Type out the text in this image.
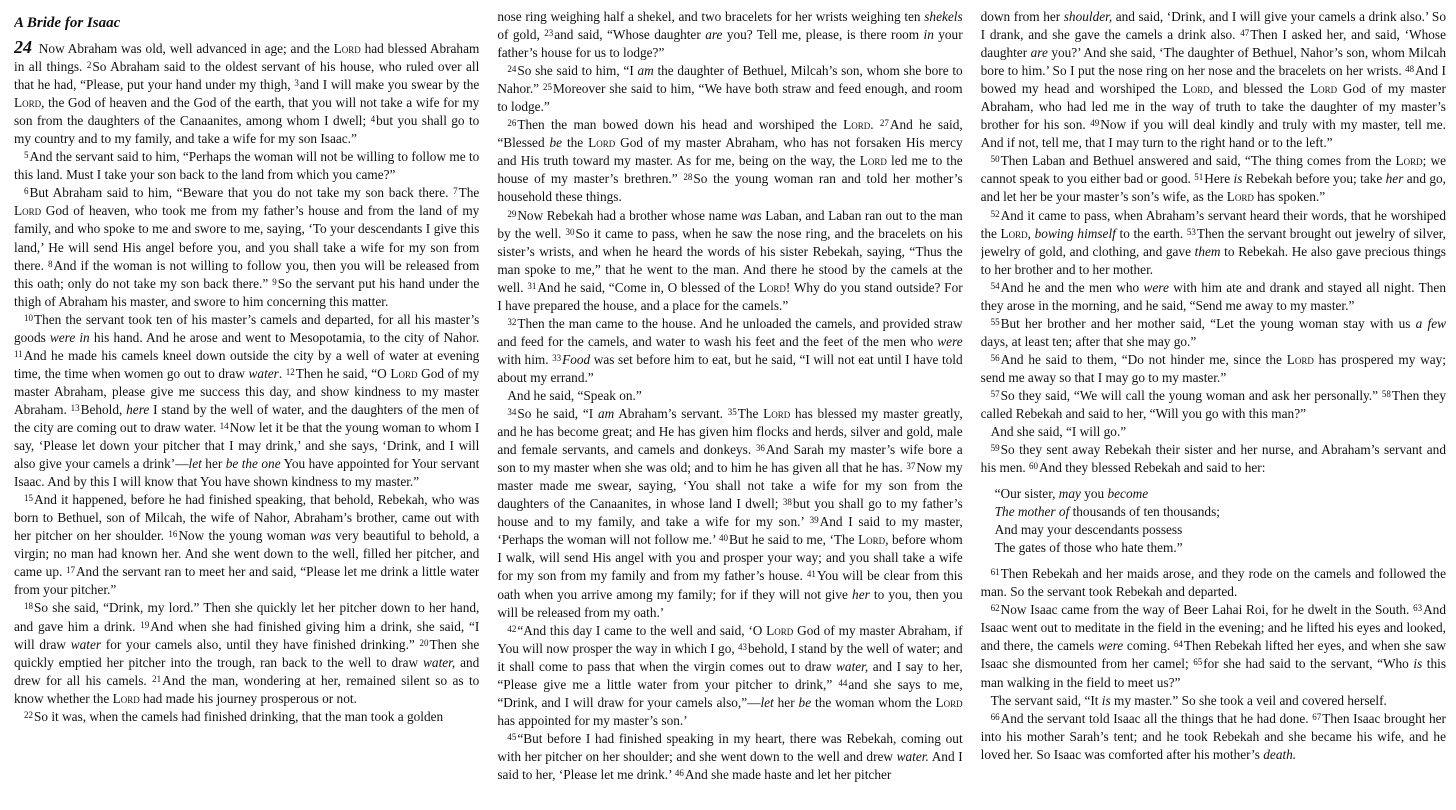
A Bride for Isaac

24 Now Abraham was old, well advanced in age; and the Lord had blessed Abraham in all things. $^2$So Abraham said to the oldest servant of his house, who ruled over all that he had, “Please, put your hand under my thigh, $^3$and I will make you swear by the Lord, the God of heaven and the God of the earth, that you will not take a wife for my son from the daughters of the Canaanites, among whom I dwell; $^4$but you shall go to my country and to my family, and take a wife for my son Isaac.”

$^5$And the servant said to him, “Perhaps the woman will not be willing to follow me to this land. Must I take your son back to the land from which you came?”

$^6$But Abraham said to him, “Beware that you do not take my son back there. $^7$The Lord God of heaven, who took me from my father’s house and from the land of my family, and who spoke to me and swore to me, saying, ‘To your descendants I give this land,’ He will send His angel before you, and you shall take a wife for my son from there. $^8$And if the woman is not willing to follow you, then you will be released from this oath; only do not take my son back there.” $^9$So the servant put his hand under the thigh of Abraham his master, and swore to him concerning this matter.

$^{10}$Then the servant took ten of his master’s camels and departed, for all his master’s goods were in his hand. And he arose and went to Mesopotamia, to the city of Nahor. $^{11}$And he made his camels kneel down outside the city by a well of water at evening time, the time when women go out to draw water. $^{12}$Then he said, “O Lord God of my master Abraham, please give me success this day, and show kindness to my master Abraham. $^{13}$Behold, here I stand by the well of water, and the daughters of the men of the city are coming out to draw water. $^{14}$Now let it be that the young woman to whom I say, ‘Please let down your pitcher that I may drink,’ and she says, ‘Drink, and I will also give your camels a drink’—let her be the one You have appointed for Your servant Isaac. And by this I will know that You have shown kindness to my master.”

$^{15}$And it happened, before he had finished speaking, that behold, Rebekah, who was born to Bethuel, son of Milcah, the wife of Nahor, Abraham’s brother, came out with her pitcher on her shoulder. $^{16}$Now the young woman was very beautiful to behold, a virgin; no man had known her. And she went down to the well, filled her pitcher, and came up. $^{17}$And the servant ran to meet her and said, “Please let me drink a little water from your pitcher.”

$^{18}$So she said, “Drink, my lord.” Then she quickly let her pitcher down to her hand, and gave him a drink. $^{19}$And when she had finished giving him a drink, she said, “I will draw water for your camels also, until they have finished drinking.” $^{20}$Then she quickly emptied her pitcher into the trough, ran back to the well to draw water, and drew for all his camels. $^{21}$And the man, wondering at her, remained silent so as to know whether the Lord had made his journey prosperous or not.

$^{22}$So it was, when the camels had finished drinking, that the man took a golden

nose ring weighing half a shekel, and two bracelets for her wrists weighing ten shekels of gold, $^{23}$and said, “Whose daughter are you? Tell me, please, is there room in your father’s house for us to lodge?”

$^{24}$So she said to him, “I am the daughter of Bethuel, Milcah’s son, whom she bore to Nahor.” $^{25}$Moreover she said to him, “We have both straw and feed enough, and room to lodge.”

$^{26}$Then the man bowed down his head and worshiped the Lord. $^{27}$And he said, “Blessed be the Lord God of my master Abraham, who has not forsaken His mercy and His truth toward my master. As for me, being on the way, the Lord led me to the house of my master’s brethren.” $^{28}$So the young woman ran and told her mother’s household these things.

$^{29}$Now Rebekah had a brother whose name was Laban, and Laban ran out to the man by the well. $^{30}$So it came to pass, when he saw the nose ring, and the bracelets on his sister’s wrists, and when he heard the words of his sister Rebekah, saying, “Thus the man spoke to me,” that he went to the man. And there he stood by the camels at the well. $^{31}$And he said, “Come in, O blessed of the Lord! Why do you stand outside? For I have prepared the house, and a place for the camels.”

$^{32}$Then the man came to the house. And he unloaded the camels, and provided straw and feed for the camels, and water to wash his feet and the feet of the men who were with him. $^{33}$Food was set before him to eat, but he said, “I will not eat until I have told about my errand.”

And he said, “Speak on.”

$^{34}$So he said, “I am Abraham’s servant. $^{35}$The Lord has blessed my master greatly, and he has become great; and He has given him flocks and herds, silver and gold, male and female servants, and camels and donkeys. $^{36}$And Sarah my master’s wife bore a son to my master when she was old; and to him he has given all that he has. $^{37}$Now my master made me swear, saying, ‘You shall not take a wife for my son from the daughters of the Canaanites, in whose land I dwell; $^{38}$but you shall go to my father’s house and to my family, and take a wife for my son.’ $^{39}$And I said to my master, ‘Perhaps the woman will not follow me.’ $^{40}$But he said to me, ‘The Lord, before whom I walk, will send His angel with you and prosper your way; and you shall take a wife for my son from my family and from my father’s house. $^{41}$You will be clear from this oath when you arrive among my family; for if they will not give her to you, then you will be released from my oath.’

$^{42}$“And this day I came to the well and said, ‘O Lord God of my master Abraham, if You will now prosper the way in which I go, $^{43}$behold, I stand by the well of water; and it shall come to pass that when the virgin comes out to draw water, and I say to her, “Please give me a little water from your pitcher to drink,” $^{44}$and she says to me, “Drink, and I will draw for your camels also,”—let her be the woman whom the Lord has appointed for my master’s son.’

$^{45}$“But before I had finished speaking in my heart, there was Rebekah, coming out with her pitcher on her shoulder; and she went down to the well and drew water. And I said to her, ‘Please let me drink.’ $^{46}$And she made haste and let her pitcher

down from her shoulder, and said, ‘Drink, and I will give your camels a drink also.’ So I drank, and she gave the camels a drink also. $^{47}$Then I asked her, and said, ‘Whose daughter are you?’ And she said, ‘The daughter of Bethuel, Nahor’s son, whom Milcah bore to him.’ So I put the nose ring on her nose and the bracelets on her wrists. $^{48}$And I bowed my head and worshiped the Lord, and blessed the Lord God of my master Abraham, who had led me in the way of truth to take the daughter of my master’s brother for his son. $^{49}$Now if you will deal kindly and truly with my master, tell me. And if not, tell me, that I may turn to the right hand or to the left.”

$^{50}$Then Laban and Bethuel answered and said, “The thing comes from the Lord; we cannot speak to you either bad or good. $^{51}$Here is Rebekah before you; take her and go, and let her be your master’s son’s wife, as the Lord has spoken.”

$^{52}$And it came to pass, when Abraham’s servant heard their words, that he worshiped the Lord, bowing himself to the earth. $^{53}$Then the servant brought out jewelry of silver, jewelry of gold, and clothing, and gave them to Rebekah. He also gave precious things to her brother and to her mother.

$^{54}$And he and the men who were with him ate and drank and stayed all night. Then they arose in the morning, and he said, “Send me away to my master.”

$^{55}$But her brother and her mother said, “Let the young woman stay with us a few days, at least ten; after that she may go.”

$^{56}$And he said to them, “Do not hinder me, since the Lord has prospered my way; send me away so that I may go to my master.”

$^{57}$So they said, “We will call the young woman and ask her personally.” $^{58}$Then they called Rebekah and said to her, “Will you go with this man?”

And she said, “I will go.”

$^{59}$So they sent away Rebekah their sister and her nurse, and Abraham’s servant and his men. $^{60}$And they blessed Rebekah and said to her:

“Our sister, may you become
The mother of thousands of ten thousands;
And may your descendants possess
The gates of those who hate them.”

$^{61}$Then Rebekah and her maids arose, and they rode on the camels and followed the man. So the servant took Rebekah and departed.

$^{62}$Now Isaac came from the way of Beer Lahai Roi, for he dwelt in the South. $^{63}$And Isaac went out to meditate in the field in the evening; and he lifted his eyes and looked, and there, the camels were coming. $^{64}$Then Rebekah lifted her eyes, and when she saw Isaac she dismounted from her camel; $^{65}$for she had said to the servant, “Who is this man walking in the field to meet us?”

The servant said, “It is my master.” So she took a veil and covered herself.

$^{66}$And the servant told Isaac all the things that he had done. $^{67}$Then Isaac brought her into his mother Sarah’s tent; and he took Rebekah and she became his wife, and he loved her. So Isaac was comforted after his mother’s death.
